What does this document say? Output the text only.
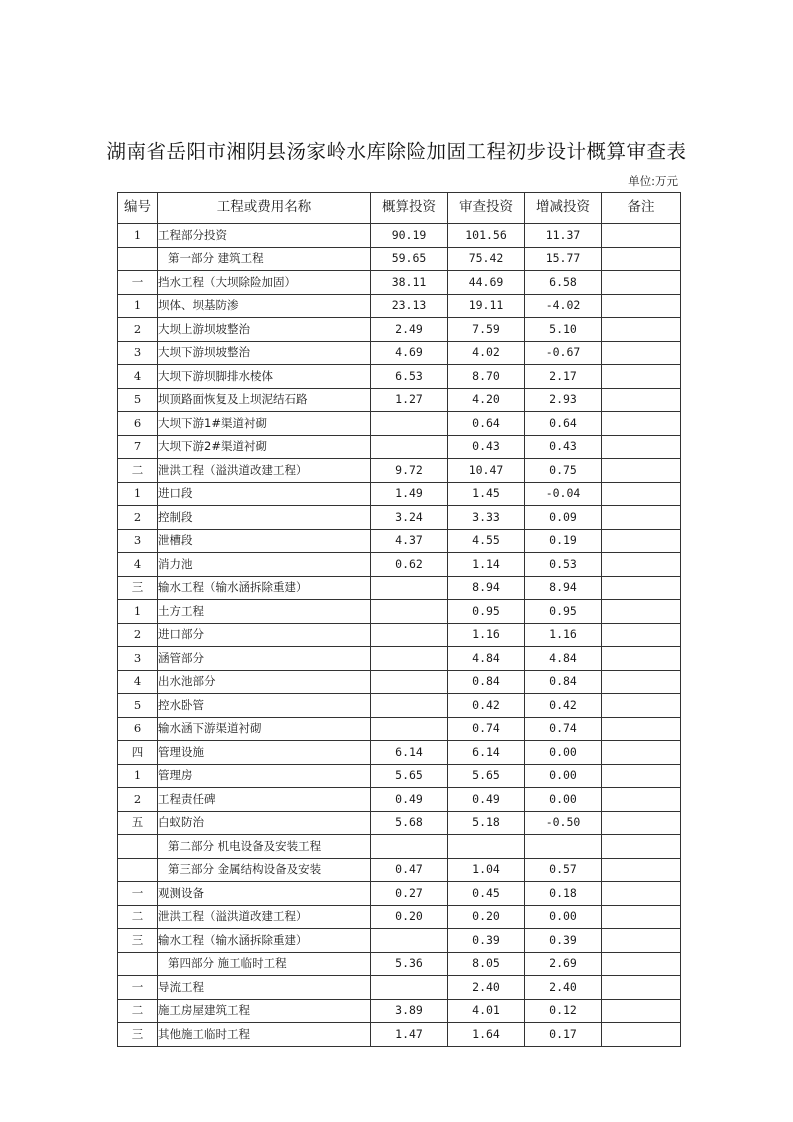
湖南省岳阳市湘阴县汤家岭水库除险加固工程初步设计概算审查表
单位:万元
编号	工程或费用名称	概算投资	审查投资	增减投资	备注
1	工程部分投资	90.19	101.56	11.37	
	第一部分 建筑工程	59.65	75.42	15.77	
一	挡水工程（大坝除险加固）	38.11	44.69	6.58	
1	坝体、坝基防渗	23.13	19.11	-4.02	
2	大坝上游坝坡整治	2.49	7.59	5.10	
3	大坝下游坝坡整治	4.69	4.02	-0.67	
4	大坝下游坝脚排水棱体	6.53	8.70	2.17	
5	坝顶路面恢复及上坝泥结石路	1.27	4.20	2.93	
6	大坝下游1#渠道衬砌		0.64	0.64	
7	大坝下游2#渠道衬砌		0.43	0.43	
二	泄洪工程（溢洪道改建工程）	9.72	10.47	0.75	
1	进口段	1.49	1.45	-0.04	
2	控制段	3.24	3.33	0.09	
3	泄槽段	4.37	4.55	0.19	
4	消力池	0.62	1.14	0.53	
三	输水工程（输水涵拆除重建）		8.94	8.94	
1	土方工程		0.95	0.95	
2	进口部分		1.16	1.16	
3	涵管部分		4.84	4.84	
4	出水池部分		0.84	0.84	
5	控水卧管		0.42	0.42	
6	输水涵下游渠道衬砌		0.74	0.74	
四	管理设施	6.14	6.14	0.00	
1	管理房	5.65	5.65	0.00	
2	工程责任碑	0.49	0.49	0.00	
五	白蚁防治	5.68	5.18	-0.50	
	第二部分 机电设备及安装工程				
	第三部分 金属结构设备及安装	0.47	1.04	0.57	
一	观测设备	0.27	0.45	0.18	
二	泄洪工程（溢洪道改建工程）	0.20	0.20	0.00	
三	输水工程（输水涵拆除重建）		0.39	0.39	
	第四部分 施工临时工程	5.36	8.05	2.69	
一	导流工程		2.40	2.40	
二	施工房屋建筑工程	3.89	4.01	0.12	
三	其他施工临时工程	1.47	1.64	0.17	
